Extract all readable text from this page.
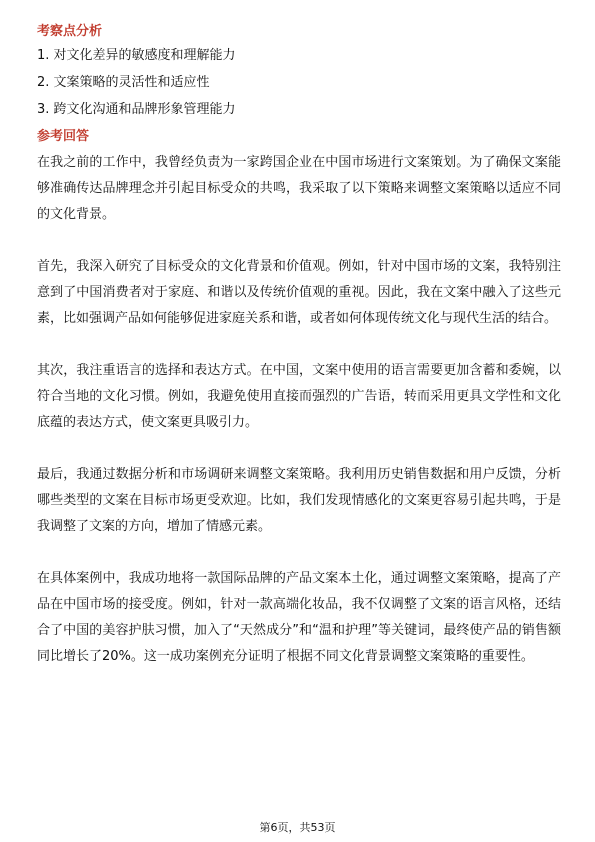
考察点分析
1. 对文化差异的敏感度和理解能力
2. 文案策略的灵活性和适应性
3. 跨文化沟通和品牌形象管理能力
参考回答

在我之前的工作中，我曾经负责为一家跨国企业在中国市场进行文案策划。为了确保文案能够准确传达品牌理念并引起目标受众的共鸣，我采取了以下策略来调整文案策略以适应不同的文化背景。

首先，我深入研究了目标受众的文化背景和价值观。例如，针对中国市场的文案，我特别注意到了中国消费者对于家庭、和谐以及传统价值观的重视。因此，我在文案中融入了这些元素，比如强调产品如何能够促进家庭关系和谐，或者如何体现传统文化与现代生活的结合。

其次，我注重语言的选择和表达方式。在中国，文案中使用的语言需要更加含蓄和委婉，以符合当地的文化习惯。例如，我避免使用直接而强烈的广告语，转而采用更具文学性和文化底蕴的表达方式，使文案更具吸引力。

最后，我通过数据分析和市场调研来调整文案策略。我利用历史销售数据和用户反馈，分析哪些类型的文案在目标市场更受欢迎。比如，我们发现情感化的文案更容易引起共鸣，于是我调整了文案的方向，增加了情感元素。

在具体案例中，我成功地将一款国际品牌的产品文案本土化，通过调整文案策略，提高了产品在中国市场的接受度。例如，针对一款高端化妆品，我不仅调整了文案的语言风格，还结合了中国的美容护肤习惯，加入了“天然成分”和“温和护理”等关键词，最终使产品的销售额同比增长了20%。这一成功案例充分证明了根据不同文化背景调整文案策略的重要性。

第6页，共53页
